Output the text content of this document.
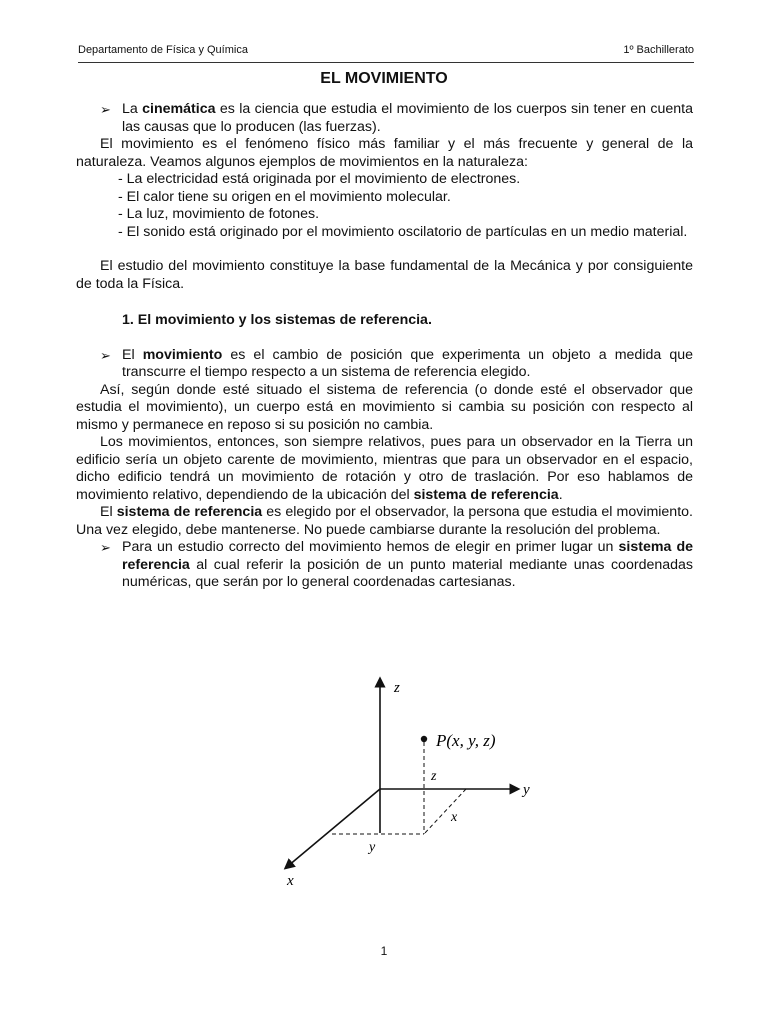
Departamento de Física y Química	1º Bachillerato
EL MOVIMIENTO

➢ La cinemática es la ciencia que estudia el movimiento de los cuerpos sin tener en cuenta las causas que lo producen (las fuerzas).

El movimiento es el fenómeno físico más familiar y el más frecuente y general de la naturaleza. Veamos algunos ejemplos de movimientos en la naturaleza:

- La electricidad está originada por el movimiento de electrones.

- El calor tiene su origen en el movimiento molecular.

- La luz, movimiento de fotones.

- El sonido está originado por el movimiento oscilatorio de partículas en un medio material.

El estudio del movimiento constituye la base fundamental de la Mecánica y por consiguiente de toda la Física.

1. El movimiento y los sistemas de referencia.

➢ El movimiento es el cambio de posición que experimenta un objeto a medida que transcurre el tiempo respecto a un sistema de referencia elegido.

Así, según donde esté situado el sistema de referencia (o donde esté el observador que estudia el movimiento), un cuerpo está en movimiento si cambia su posición con respecto al mismo y permanece en reposo si su posición no cambia.

Los movimientos, entonces, son siempre relativos, pues para un observador en la Tierra un edificio sería un objeto carente de movimiento, mientras que para un observador en el espacio, dicho edificio tendrá un movimiento de rotación y otro de traslación. Por eso hablamos de movimiento relativo, dependiendo de la ubicación del sistema de referencia.

El sistema de referencia es elegido por el observador, la persona que estudia el movimiento. Una vez elegido, debe mantenerse. No puede cambiarse durante la resolución del problema.

➢ Para un estudio correcto del movimiento hemos de elegir en primer lugar un sistema de referencia al cual referir la posición de un punto material mediante unas coordenadas numéricas, que serán por lo general coordenadas cartesianas.

z
y
x
P(x, y, z)
z
x
y
1
